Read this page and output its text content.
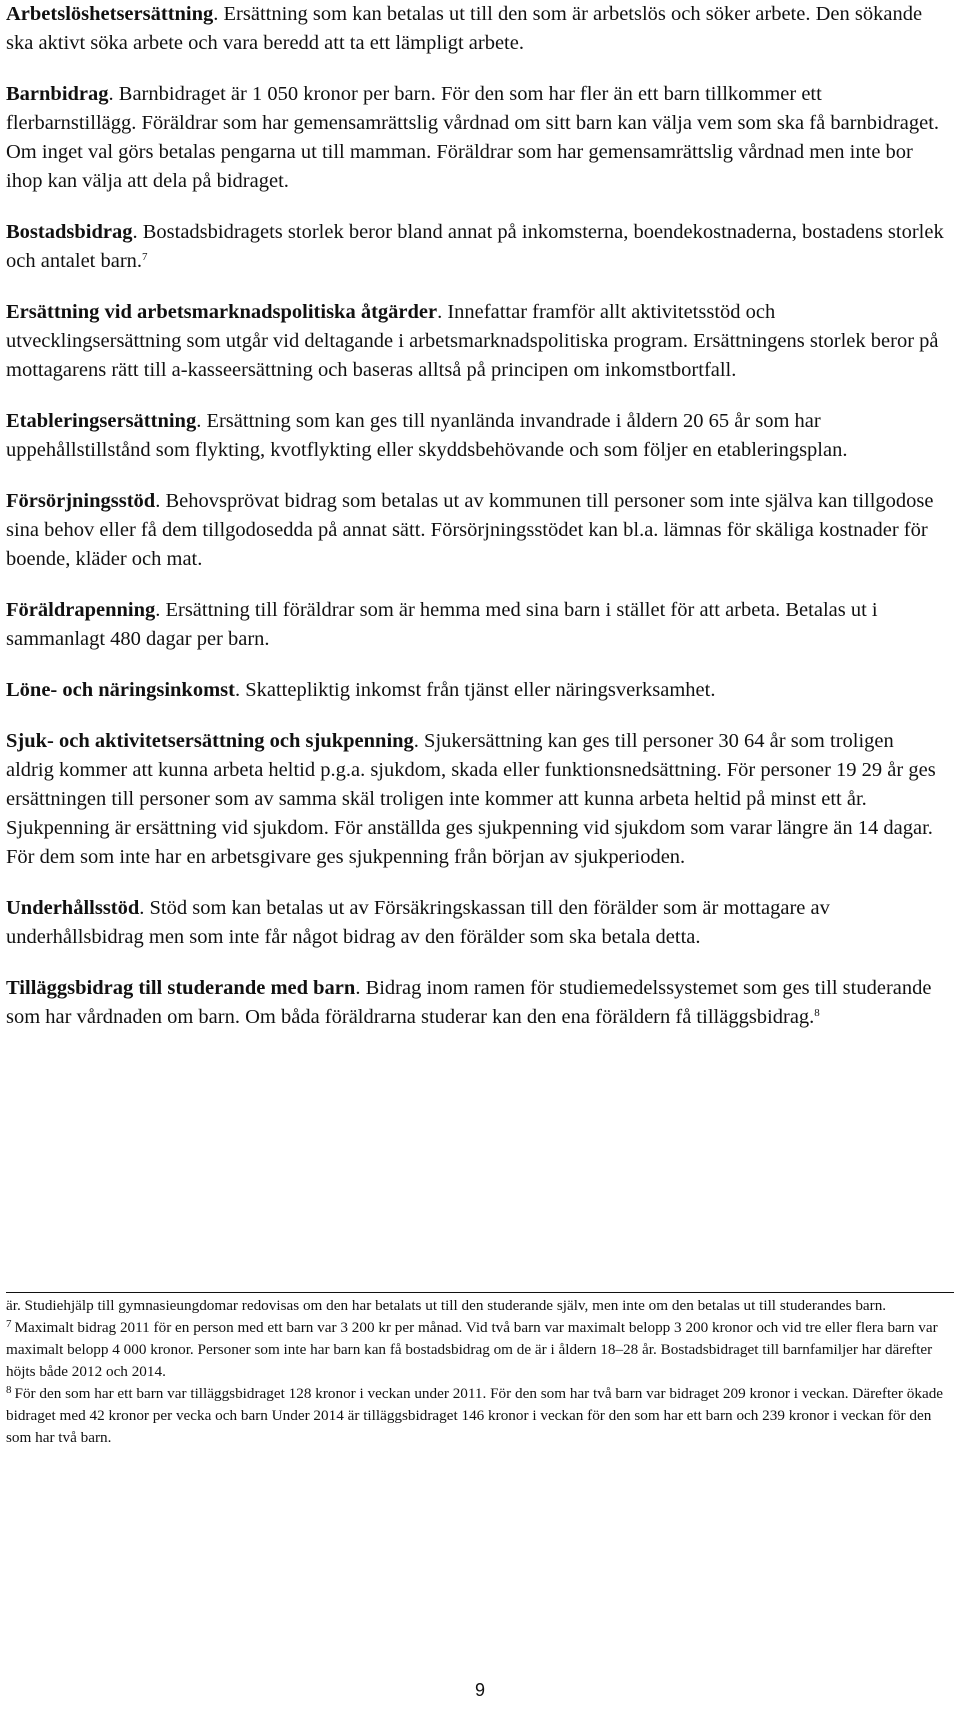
Arbetslöshetsersättning. Ersättning som kan betalas ut till den som är arbetslös och söker arbete. Den sökande ska aktivt söka arbete och vara beredd att ta ett lämpligt arbete.

Barnbidrag. Barnbidraget är 1 050 kronor per barn. För den som har fler än ett barn tillkommer ett flerbarnstillägg. Föräldrar som har gemensamrättslig vårdnad om sitt barn kan välja vem som ska få barnbidraget. Om inget val görs betalas pengarna ut till mamman. Föräldrar som har gemensamrättslig vårdnad men inte bor ihop kan välja att dela på bidraget.

Bostadsbidrag. Bostadsbidragets storlek beror bland annat på inkomsterna, boendekostnaderna, bostadens storlek och antalet barn.$^7$

Ersättning vid arbetsmarknadspolitiska åtgärder. Innefattar framför allt aktivitetsstöd och utvecklingsersättning som utgår vid deltagande i arbetsmarknadspolitiska program. Ersättningens storlek beror på mottagarens rätt till a-kasseersättning och baseras alltså på principen om inkomstbortfall.

Etableringsersättning. Ersättning som kan ges till nyanlända invandrade i åldern 20 65 år som har uppehållstillstånd som flykting, kvotflykting eller skyddsbehövande och som följer en etableringsplan.

Försörjningsstöd. Behovsprövat bidrag som betalas ut av kommunen till personer som inte själva kan tillgodose sina behov eller få dem tillgodosedda på annat sätt. Försörjningsstödet kan bl.a. lämnas för skäliga kostnader för boende, kläder och mat.

Föräldrapenning. Ersättning till föräldrar som är hemma med sina barn i stället för att arbeta. Betalas ut i sammanlagt 480 dagar per barn.

Löne- och näringsinkomst. Skattepliktig inkomst från tjänst eller näringsverksamhet.

Sjuk- och aktivitetsersättning och sjukpenning. Sjukersättning kan ges till personer 30 64 år som troligen aldrig kommer att kunna arbeta heltid p.g.a. sjukdom, skada eller funktionsnedsättning. För personer 19 29 år ges ersättningen till personer som av samma skäl troligen inte kommer att kunna arbeta heltid på minst ett år. Sjukpenning är ersättning vid sjukdom. För anställda ges sjukpenning vid sjukdom som varar längre än 14 dagar. För dem som inte har en arbetsgivare ges sjukpenning från början av sjukperioden.

Underhållsstöd. Stöd som kan betalas ut av Försäkringskassan till den förälder som är mottagare av underhållsbidrag men som inte får något bidrag av den förälder som ska betala detta.

Tilläggsbidrag till studerande med barn. Bidrag inom ramen för studiemedelssystemet som ges till studerande som har vårdnaden om barn. Om båda föräldrarna studerar kan den ena föräldern få tilläggsbidrag.$^8$

är. Studiehjälp till gymnasieungdomar redovisas om den har betalats ut till den studerande själv, men inte om den betalas ut till studerandes barn.

$^7$ Maximalt bidrag 2011 för en person med ett barn var 3 200 kr per månad. Vid två barn var maximalt belopp 3 200 kronor och vid tre eller flera barn var maximalt belopp 4 000 kronor. Personer som inte har barn kan få bostadsbidrag om de är i åldern 18–28 år. Bostadsbidraget till barnfamiljer har därefter höjts både 2012 och 2014.

$^8$ För den som har ett barn var tilläggsbidraget 128 kronor i veckan under 2011. För den som har två barn var bidraget 209 kronor i veckan. Därefter ökade bidraget med 42 kronor per vecka och barn Under 2014 är tilläggsbidraget 146 kronor i veckan för den som har ett barn och 239 kronor i veckan för den som har två barn.

9
